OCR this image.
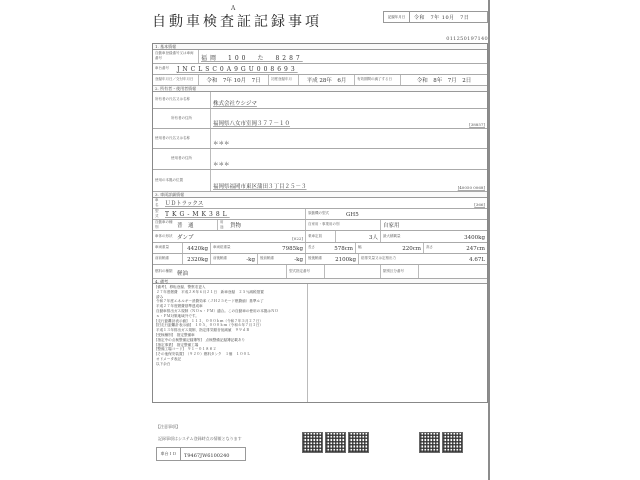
A
自動車検査証記録事項	記録年月日	令和　7年 10月　7日
011250197140
1. 基本情報
自動車登録番号又は車両番号	福岡　100　た　8287
車台番号	JNCLSC0A9GU008693
登録年月日／交付年月日	令和　7年 10月　7日	初度登録年月	平成 28年　6月	有効期間の満了する日	令和　8年　7月　2日
2. 所有者・使用者情報
所有者の氏名又は名称
株式会社ウシジマ
所有者の住所
福岡県八女市室岡３７７－１０	[38857]
使用者の氏名又は名称
＊＊＊
使用者の住所
＊＊＊
使用の本拠の位置
福岡県福岡市東区蒲田３丁目２５－３	[40050 0068]
3. 車両詳細情報
車名	ＵＤトラックス	[366]
型式	TKG-MK38L	原動機の型式	GH5
自動車の種別	普　通
用途	貨物	自家用・事業用の別	自家用
車体の形状 ダンプ	[022]
乗車定員	3人	最大積載量	3400kg
車両重量	4420kg	車両総重量	7985kg	長さ	578cm	幅	220cm	高さ	247cm
前前軸重	2320kg	前後軸重	-kg	後前軸重	-kg	後後軸重	2100kg	総排気量又は定格出力	4.67L
燃料の種類
軽油
型式指定番号	類別区分番号
4. 備考
[備考]、移転登録、警察変更入
２７年度燃費　平成２８年６月２１日　新車登録　２５％減税措置
済み
令和７年度エネルギー消費効率（ＪＨ２５モード燃費値）基準ル了
平成２７年度燃費基準達成車
自動車排出ガス規制（ＮＯｘ・ＰＭ）適合。この自動車の使用の本拠はＮＯ
ｘ・ＰＭ対策地域外です。
[走行距離計表示値]　１１３，０００ｋｍ（令和７年５月２７日）
[旧走行距離計表示値]　１０５，０００ｋｍ（令和６年７月３日）
平成１３年排出ガス規制、指定排気騒音低減値　９９ｄＢ
[受検種別]　指定整備車
[指定中の点検整備記録簿等]　点検整備記録簿記載あり
[指定事業]　指定整備工場
[整備工場コード]　９１－０１８８２
[その他保安装置]　（９２０）燃料タンク　１個　１００Ｌ
オドメータ表記
以下余白
【注意事項】
記録事項はシステム登録時点の情報となります
車台ＩＤ	T9467JW6100240
